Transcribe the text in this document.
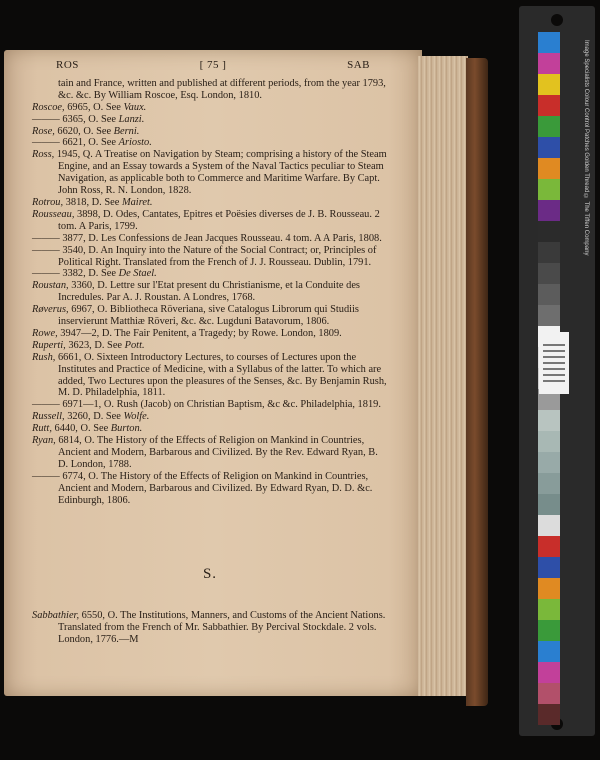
ROS	[ 75 ]	SAB

tain and France, written and published at different periods, from the year 1793, &c. &c. By William Roscoe, Esq. London, 1810.

Roscoe, 6965, O. See Vaux.

——— 6365, O. See Lanzi.

Rose, 6620, O. See Berni.

——— 6621, O. See Ariosto.

Ross, 1945, Q. A Treatise on Navigation by Steam; comprising a history of the Steam Engine, and an Essay towards a System of the Naval Tactics peculiar to Steam Navigation, as applicable both to Commerce and Maritime Warfare. By Capt. John Ross, R. N. London, 1828.

Rotrou, 3818, D. See Mairet.

Rousseau, 3898, D. Odes, Cantates, Epitres et Poësies diverses de J. B. Rousseau. 2 tom. A Paris, 1799.

——— 3877, D. Les Confessions de Jean Jacques Rousseau. 4 tom. A A Paris, 1808.

——— 3540, D. An Inquiry into the Nature of the Social Contract; or, Principles of Political Right. Translated from the French of J. J. Rousseau. Dublin, 1791.

——— 3382, D. See De Stael.

Roustan, 3360, D. Lettre sur l'Etat present du Christianisme, et la Conduite des Incredules. Par A. J. Roustan. A Londres, 1768.

Røverus, 6967, O. Bibliotheca Röveriana, sive Catalogus Librorum qui Studiis inservierunt Matthiæ Röveri, &c. &c. Lugduni Batavorum, 1806.

Rowe, 3947—2, D. The Fair Penitent, a Tragedy; by Rowe. London, 1809.

Ruperti, 3623, D. See Pott.

Rush, 6661, O. Sixteen Introductory Lectures, to courses of Lectures upon the Institutes and Practice of Medicine, with a Syllabus of the latter. To which are added, Two Lectures upon the pleasures of the Senses, &c. By Benjamin Rush, M. D. Philadelphia, 1811.

——— 6971—1, O. Rush (Jacob) on Christian Baptism, &c &c. Philadelphia, 1819.

Russell, 3260, D. See Wolfe.

Rutt, 6440, O. See Burton.

Ryan, 6814, O. The History of the Effects of Religion on Mankind in Countries, Ancient and Modern, Barbarous and Civilized. By the Rev. Edward Ryan, B. D. London, 1788.

——— 6774, O. The History of the Effects of Religion on Mankind in Countries, Ancient and Modern, Barbarous and Civilized. By Edward Ryan, D. D. &c. Edinburgh, 1806.

S.

Sabbathier, 6550, O. The Institutions, Manners, and Customs of the Ancient Nations. Translated from the French of Mr. Sabbathier. By Percival Stockdale. 2 vols. London, 1776.—M

Image Specialists Colour Control Patches Golden Thread © The Tiffen Company
